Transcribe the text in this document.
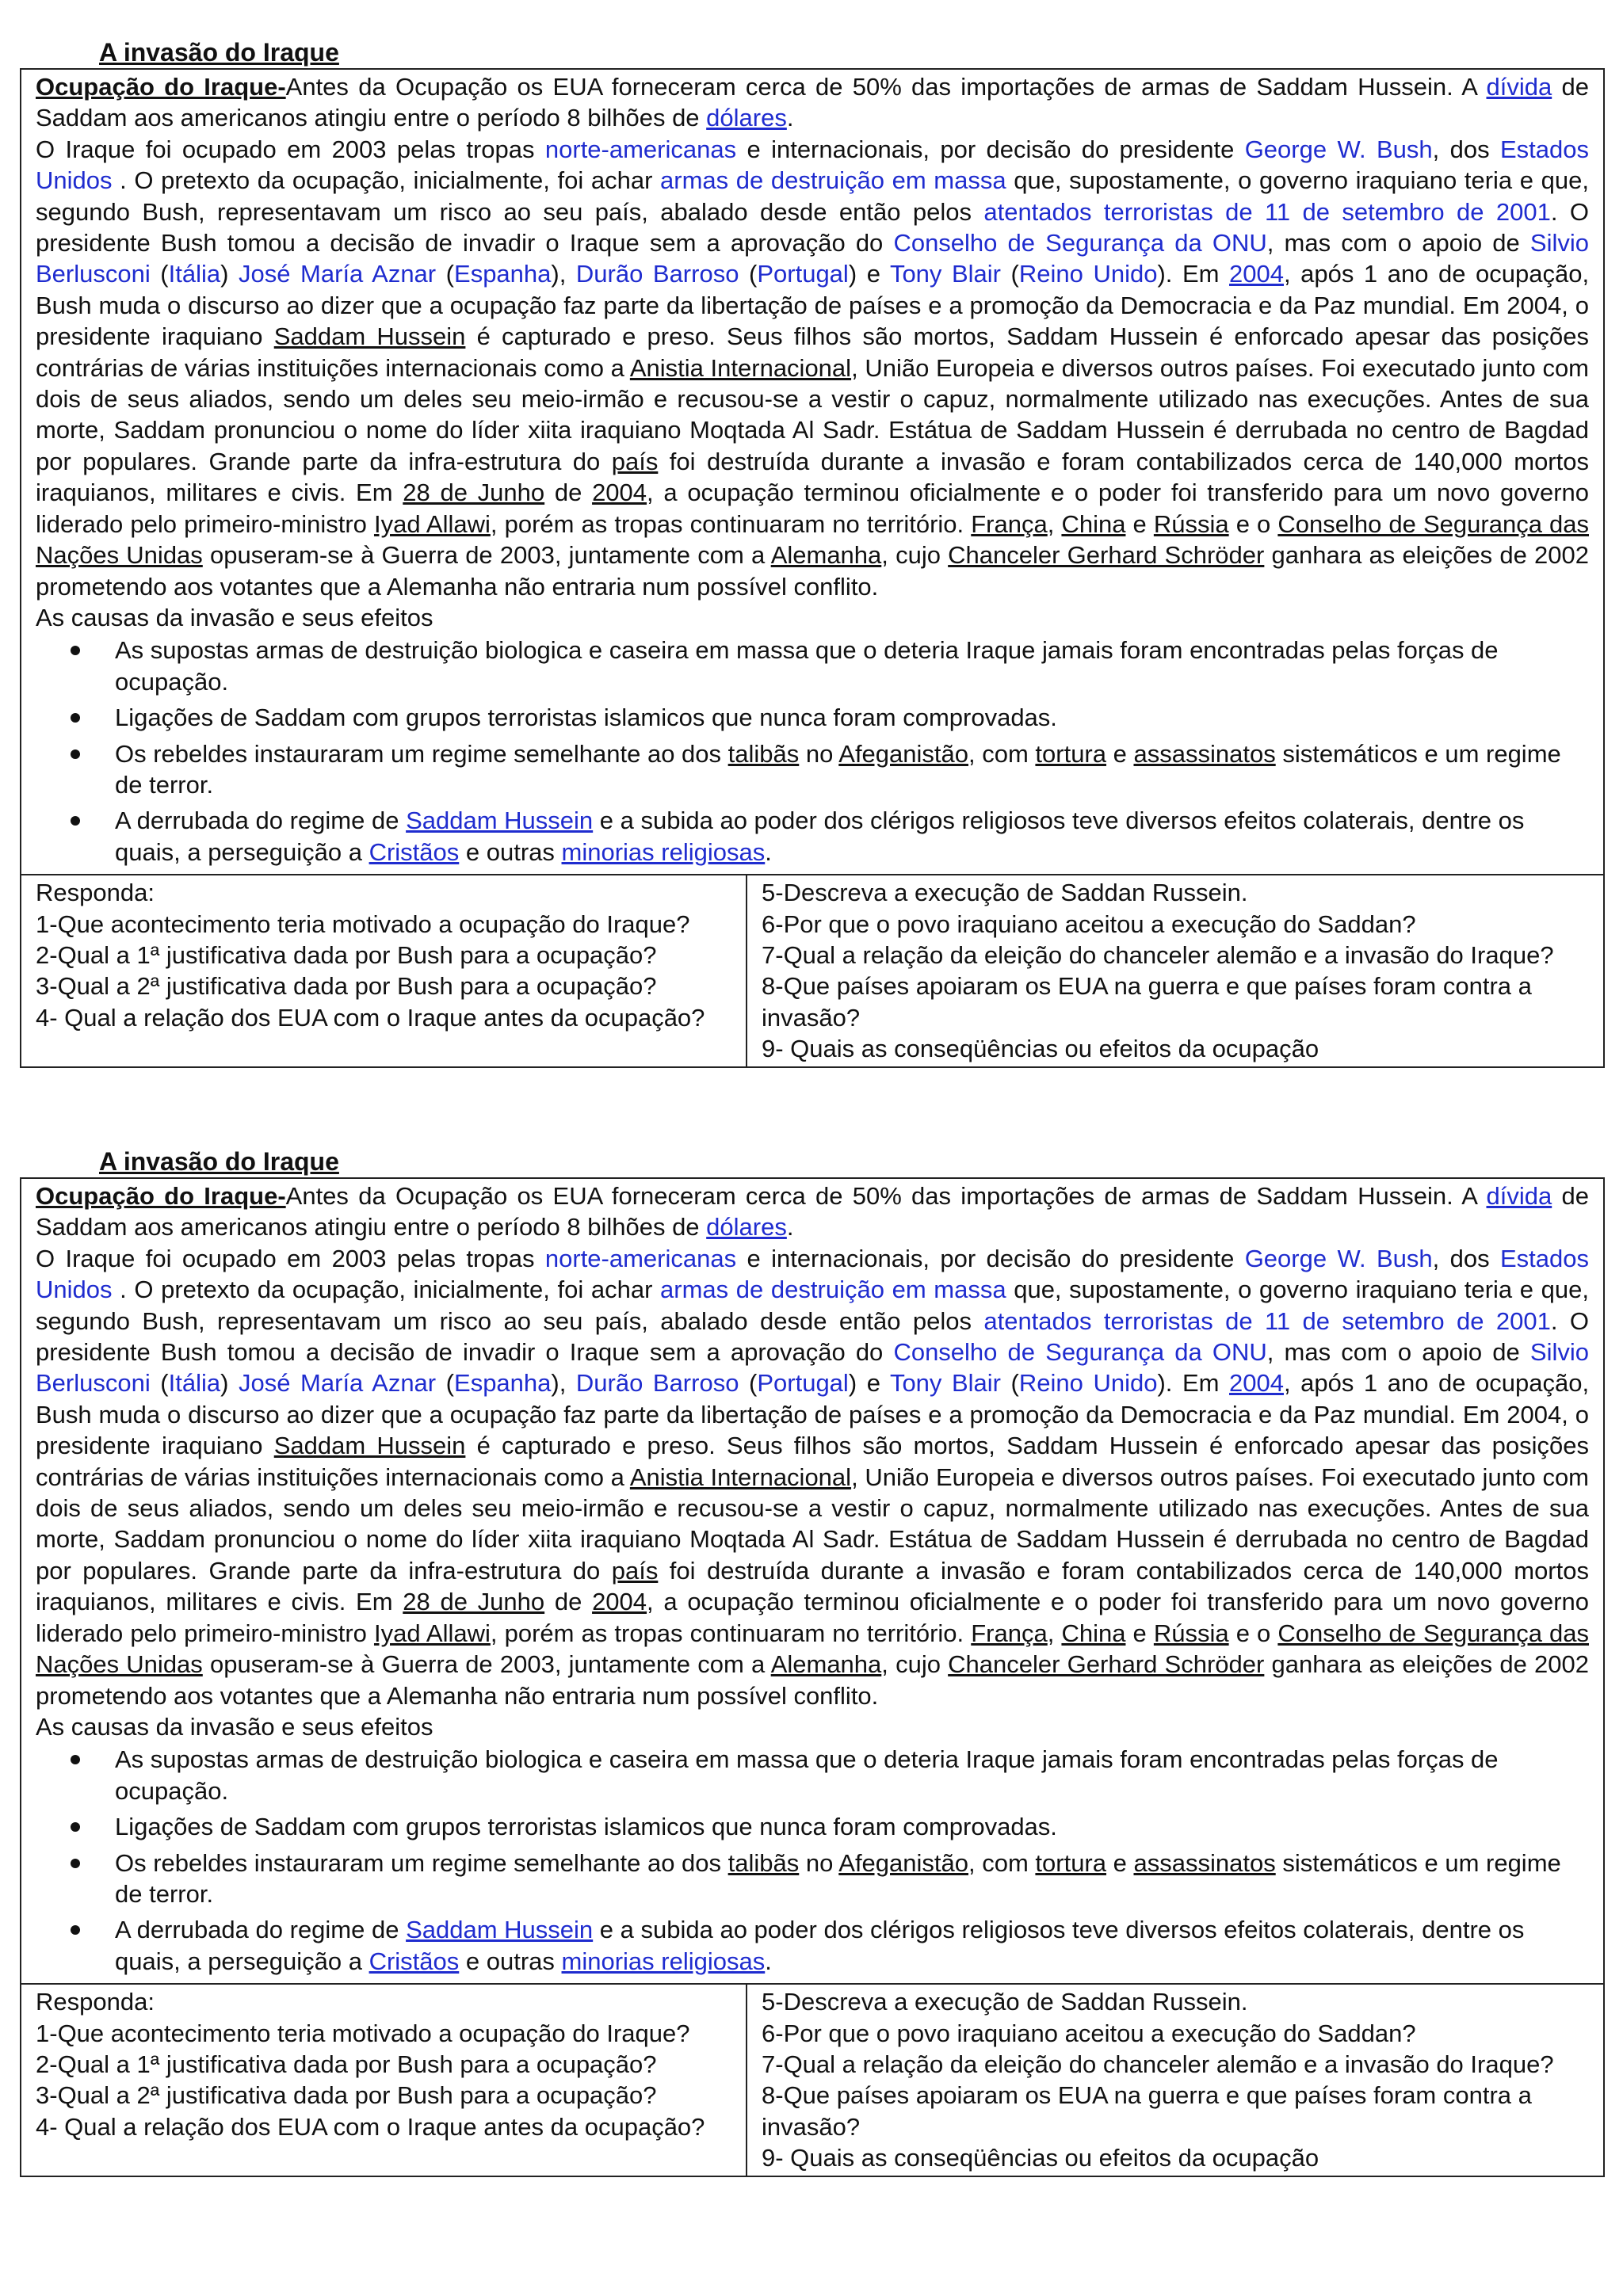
A invasão do Iraque

Ocupação do Iraque-Antes da Ocupação os EUA forneceram cerca de 50% das importações de armas de Saddam Hussein. A dívida de Saddam aos americanos atingiu entre o período 8 bilhões de dólares.

O Iraque foi ocupado em 2003 pelas tropas norte-americanas e internacionais, por decisão do presidente George W. Bush, dos Estados Unidos . O pretexto da ocupação, inicialmente, foi achar armas de destruição em massa que, supostamente, o governo iraquiano teria e que, segundo Bush, representavam um risco ao seu país, abalado desde então pelos atentados terroristas de 11 de setembro de 2001. O presidente Bush tomou a decisão de invadir o Iraque sem a aprovação do Conselho de Segurança da ONU, mas com o apoio de Silvio Berlusconi (Itália) José María Aznar (Espanha), Durão Barroso (Portugal) e Tony Blair (Reino Unido). Em 2004, após 1 ano de ocupação, Bush muda o discurso ao dizer que a ocupação faz parte da libertação de países e a promoção da Democracia e da Paz mundial. Em 2004, o presidente iraquiano Saddam Hussein é capturado e preso. Seus filhos são mortos, Saddam Hussein é enforcado apesar das posições contrárias de várias instituições internacionais como a Anistia Internacional, União Europeia e diversos outros países. Foi executado junto com dois de seus aliados, sendo um deles seu meio-irmão e recusou-se a vestir o capuz, normalmente utilizado nas execuções. Antes de sua morte, Saddam pronunciou o nome do líder xiita iraquiano Moqtada Al Sadr. Estátua de Saddam Hussein é derrubada no centro de Bagdad por populares. Grande parte da infra-estrutura do país foi destruída durante a invasão e foram contabilizados cerca de 140,000 mortos iraquianos, militares e civis. Em 28 de Junho de 2004, a ocupação terminou oficialmente e o poder foi transferido para um novo governo liderado pelo primeiro-ministro Iyad Allawi, porém as tropas continuaram no território. França, China e Rússia e o Conselho de Segurança das Nações Unidas opuseram-se à Guerra de 2003, juntamente com a Alemanha, cujo Chanceler Gerhard Schröder ganhara as eleições de 2002 prometendo aos votantes que a Alemanha não entraria num possível conflito.

As causas da invasão e seus efeitos

As supostas armas de destruição biologica e caseira em massa que o deteria Iraque jamais foram encontradas pelas forças de ocupação.
Ligações de Saddam com grupos terroristas islamicos que nunca foram comprovadas.
Os rebeldes instauraram um regime semelhante ao dos talibãs no Afeganistão, com tortura e assassinatos sistemáticos e um regime de terror.
A derrubada do regime de Saddam Hussein e a subida ao poder dos clérigos religiosos teve diversos efeitos colaterais, dentre os quais, a perseguição a Cristãos e outras minorias religiosas.
Responda:
1-Que acontecimento teria motivado a ocupação do Iraque?
2-Qual a 1ª justificativa dada por Bush para a ocupação?
3-Qual a 2ª justificativa dada por Bush para a ocupação?
4- Qual a relação dos EUA com o Iraque antes da ocupação?
5-Descreva a execução de Saddan Russein.
6-Por que o povo iraquiano aceitou a execução do Saddan?
7-Qual a relação da eleição do chanceler alemão e a invasão do Iraque?
8-Que países apoiaram os EUA na guerra e que países foram contra a invasão?
9- Quais as conseqüências ou efeitos da ocupação
A invasão do Iraque

Ocupação do Iraque-Antes da Ocupação os EUA forneceram cerca de 50% das importações de armas de Saddam Hussein. A dívida de Saddam aos americanos atingiu entre o período 8 bilhões de dólares.

O Iraque foi ocupado em 2003 pelas tropas norte-americanas e internacionais, por decisão do presidente George W. Bush, dos Estados Unidos . O pretexto da ocupação, inicialmente, foi achar armas de destruição em massa que, supostamente, o governo iraquiano teria e que, segundo Bush, representavam um risco ao seu país, abalado desde então pelos atentados terroristas de 11 de setembro de 2001. O presidente Bush tomou a decisão de invadir o Iraque sem a aprovação do Conselho de Segurança da ONU, mas com o apoio de Silvio Berlusconi (Itália) José María Aznar (Espanha), Durão Barroso (Portugal) e Tony Blair (Reino Unido). Em 2004, após 1 ano de ocupação, Bush muda o discurso ao dizer que a ocupação faz parte da libertação de países e a promoção da Democracia e da Paz mundial. Em 2004, o presidente iraquiano Saddam Hussein é capturado e preso. Seus filhos são mortos, Saddam Hussein é enforcado apesar das posições contrárias de várias instituições internacionais como a Anistia Internacional, União Europeia e diversos outros países. Foi executado junto com dois de seus aliados, sendo um deles seu meio-irmão e recusou-se a vestir o capuz, normalmente utilizado nas execuções. Antes de sua morte, Saddam pronunciou o nome do líder xiita iraquiano Moqtada Al Sadr. Estátua de Saddam Hussein é derrubada no centro de Bagdad por populares. Grande parte da infra-estrutura do país foi destruída durante a invasão e foram contabilizados cerca de 140,000 mortos iraquianos, militares e civis. Em 28 de Junho de 2004, a ocupação terminou oficialmente e o poder foi transferido para um novo governo liderado pelo primeiro-ministro Iyad Allawi, porém as tropas continuaram no território. França, China e Rússia e o Conselho de Segurança das Nações Unidas opuseram-se à Guerra de 2003, juntamente com a Alemanha, cujo Chanceler Gerhard Schröder ganhara as eleições de 2002 prometendo aos votantes que a Alemanha não entraria num possível conflito.

As causas da invasão e seus efeitos

As supostas armas de destruição biologica e caseira em massa que o deteria Iraque jamais foram encontradas pelas forças de ocupação.
Ligações de Saddam com grupos terroristas islamicos que nunca foram comprovadas.
Os rebeldes instauraram um regime semelhante ao dos talibãs no Afeganistão, com tortura e assassinatos sistemáticos e um regime de terror.
A derrubada do regime de Saddam Hussein e a subida ao poder dos clérigos religiosos teve diversos efeitos colaterais, dentre os quais, a perseguição a Cristãos e outras minorias religiosas.
Responda:
1-Que acontecimento teria motivado a ocupação do Iraque?
2-Qual a 1ª justificativa dada por Bush para a ocupação?
3-Qual a 2ª justificativa dada por Bush para a ocupação?
4- Qual a relação dos EUA com o Iraque antes da ocupação?
5-Descreva a execução de Saddan Russein.
6-Por que o povo iraquiano aceitou a execução do Saddan?
7-Qual a relação da eleição do chanceler alemão e a invasão do Iraque?
8-Que países apoiaram os EUA na guerra e que países foram contra a invasão?
9- Quais as conseqüências ou efeitos da ocupação
